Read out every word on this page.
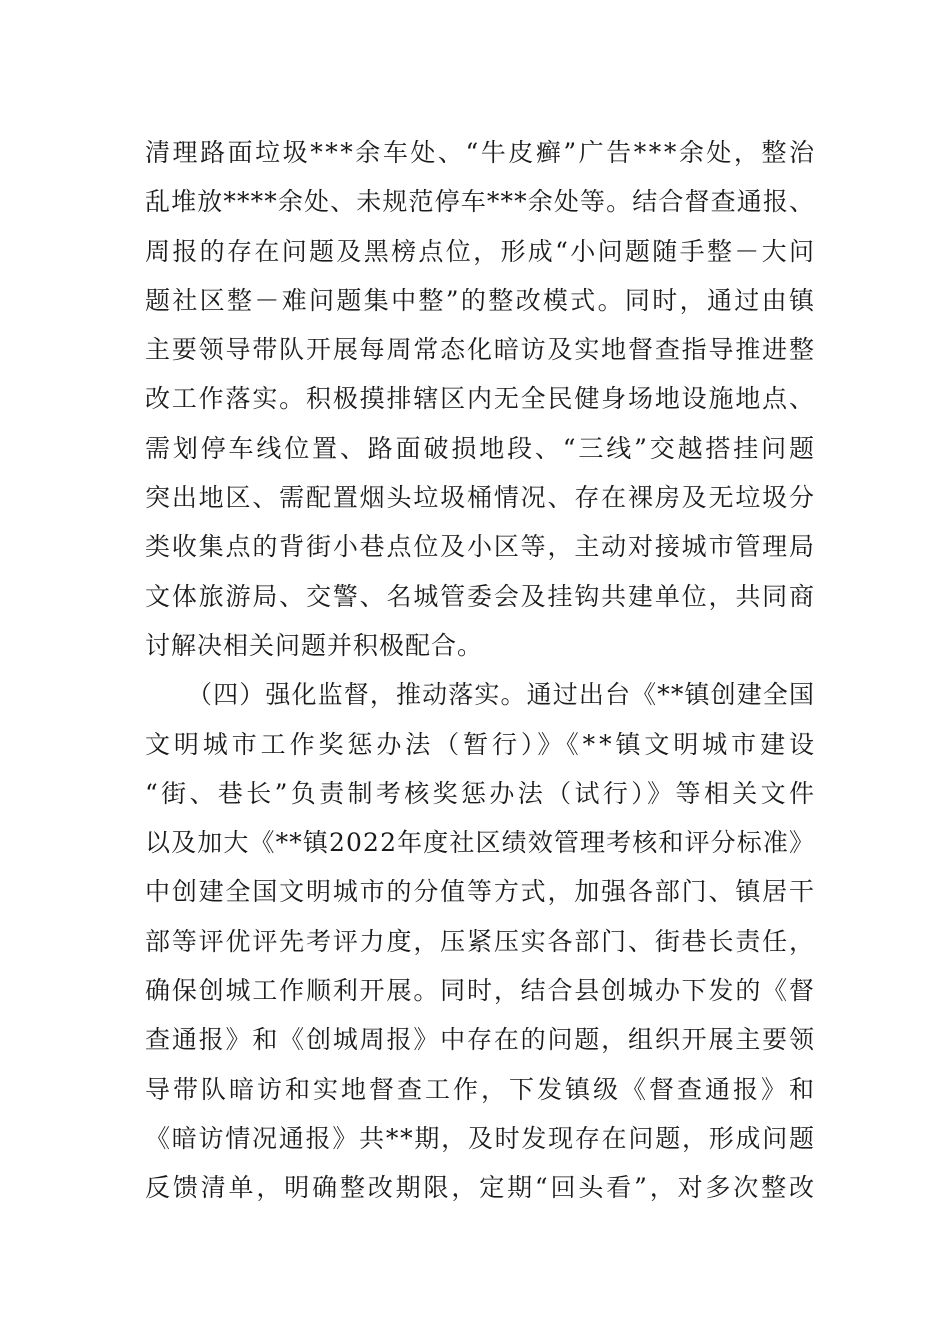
清理路面垃圾***余车处、“牛皮癣”广告***余处，整治
乱堆放****余处、未规范停车***余处等。结合督查通报、
周报的存在问题及黑榜点位，形成“小问题随手整－大问
题社区整－难问题集中整”的整改模式。同时，通过由镇
主要领导带队开展每周常态化暗访及实地督查指导推进整
改工作落实。积极摸排辖区内无全民健身场地设施地点、
需划停车线位置、路面破损地段、“三线”交越搭挂问题
突出地区、需配置烟头垃圾桶情况、存在裸房及无垃圾分
类收集点的背街小巷点位及小区等，主动对接城市管理局
文体旅游局、交警、名城管委会及挂钩共建单位，共同商
讨解决相关问题并积极配合。
（四）强化监督，推动落实。通过出台《**镇创建全国
文明城市工作奖惩办法（暂行）》《**镇文明城市建设
“街、巷长”负责制考核奖惩办法（试行）》等相关文件
以及加大《**镇2022年度社区绩效管理考核和评分标准》
中创建全国文明城市的分值等方式，加强各部门、镇居干
部等评优评先考评力度，压紧压实各部门、街巷长责任，
确保创城工作顺利开展。同时，结合县创城办下发的《督
查通报》和《创城周报》中存在的问题，组织开展主要领
导带队暗访和实地督查工作，下发镇级《督查通报》和
《暗访情况通报》共**期，及时发现存在问题，形成问题
反馈清单，明确整改期限，定期“回头看”，对多次整改
